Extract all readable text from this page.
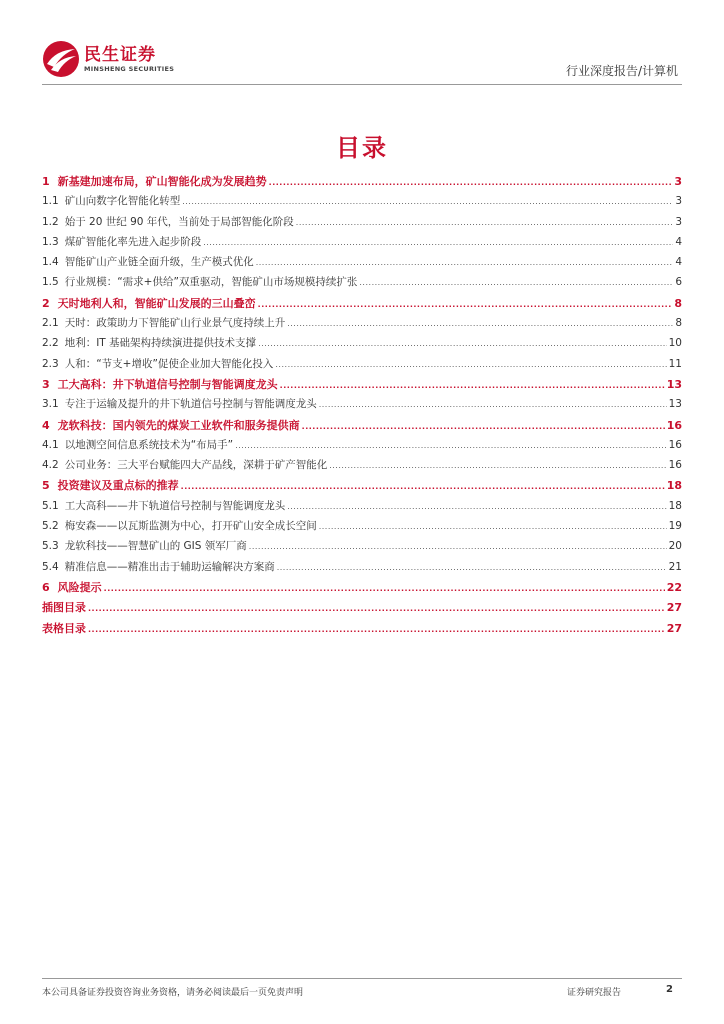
民生证券
MINSHENG SECURITIES	行业深度报告/计算机
目录
1 新基建加速布局，矿山智能化成为发展趋势 .....	3
1.1 矿山向数字化智能化转型 .....	3
1.2 始于 20 世纪 90 年代，当前处于局部智能化阶段 .....	3
1.3 煤矿智能化率先进入起步阶段 .....	4
1.4 智能矿山产业链全面升级，生产模式优化 .....	4
1.5 行业规模：“需求+供给”双重驱动，智能矿山市场规模持续扩张 .....	6
2 天时地利人和，智能矿山发展的三山叠峦 .....	8
2.1 天时：政策助力下智能矿山行业景气度持续上升 .....	8
2.2 地利：IT 基础架构持续演进提供技术支撑 .....	10
2.3 人和：“节支+增收”促使企业加大智能化投入 .....	11
3 工大高科：井下轨道信号控制与智能调度龙头 .....	13
3.1 专注于运输及提升的井下轨道信号控制与智能调度龙头 .....	13
4 龙软科技：国内领先的煤炭工业软件和服务提供商 .....	16
4.1 以地测空间信息系统技术为“布局手” .....	16
4.2 公司业务：三大平台赋能四大产品线，深耕于矿产智能化 .....	16
5 投资建议及重点标的推荐 .....	18
5.1 工大高科——井下轨道信号控制与智能调度龙头 .....	18
5.2 梅安森——以瓦斯监测为中心，打开矿山安全成长空间 .....	19
5.3 龙软科技——智慧矿山的 GIS 领军厂商 .....	20
5.4 精准信息——精准出击于辅助运输解决方案商 .....	21
6 风险提示 .....	22
插图目录 .....	27
表格目录 .....	27
本公司具备证券投资咨询业务资格，请务必阅读最后一页免责声明	证券研究报告	2
